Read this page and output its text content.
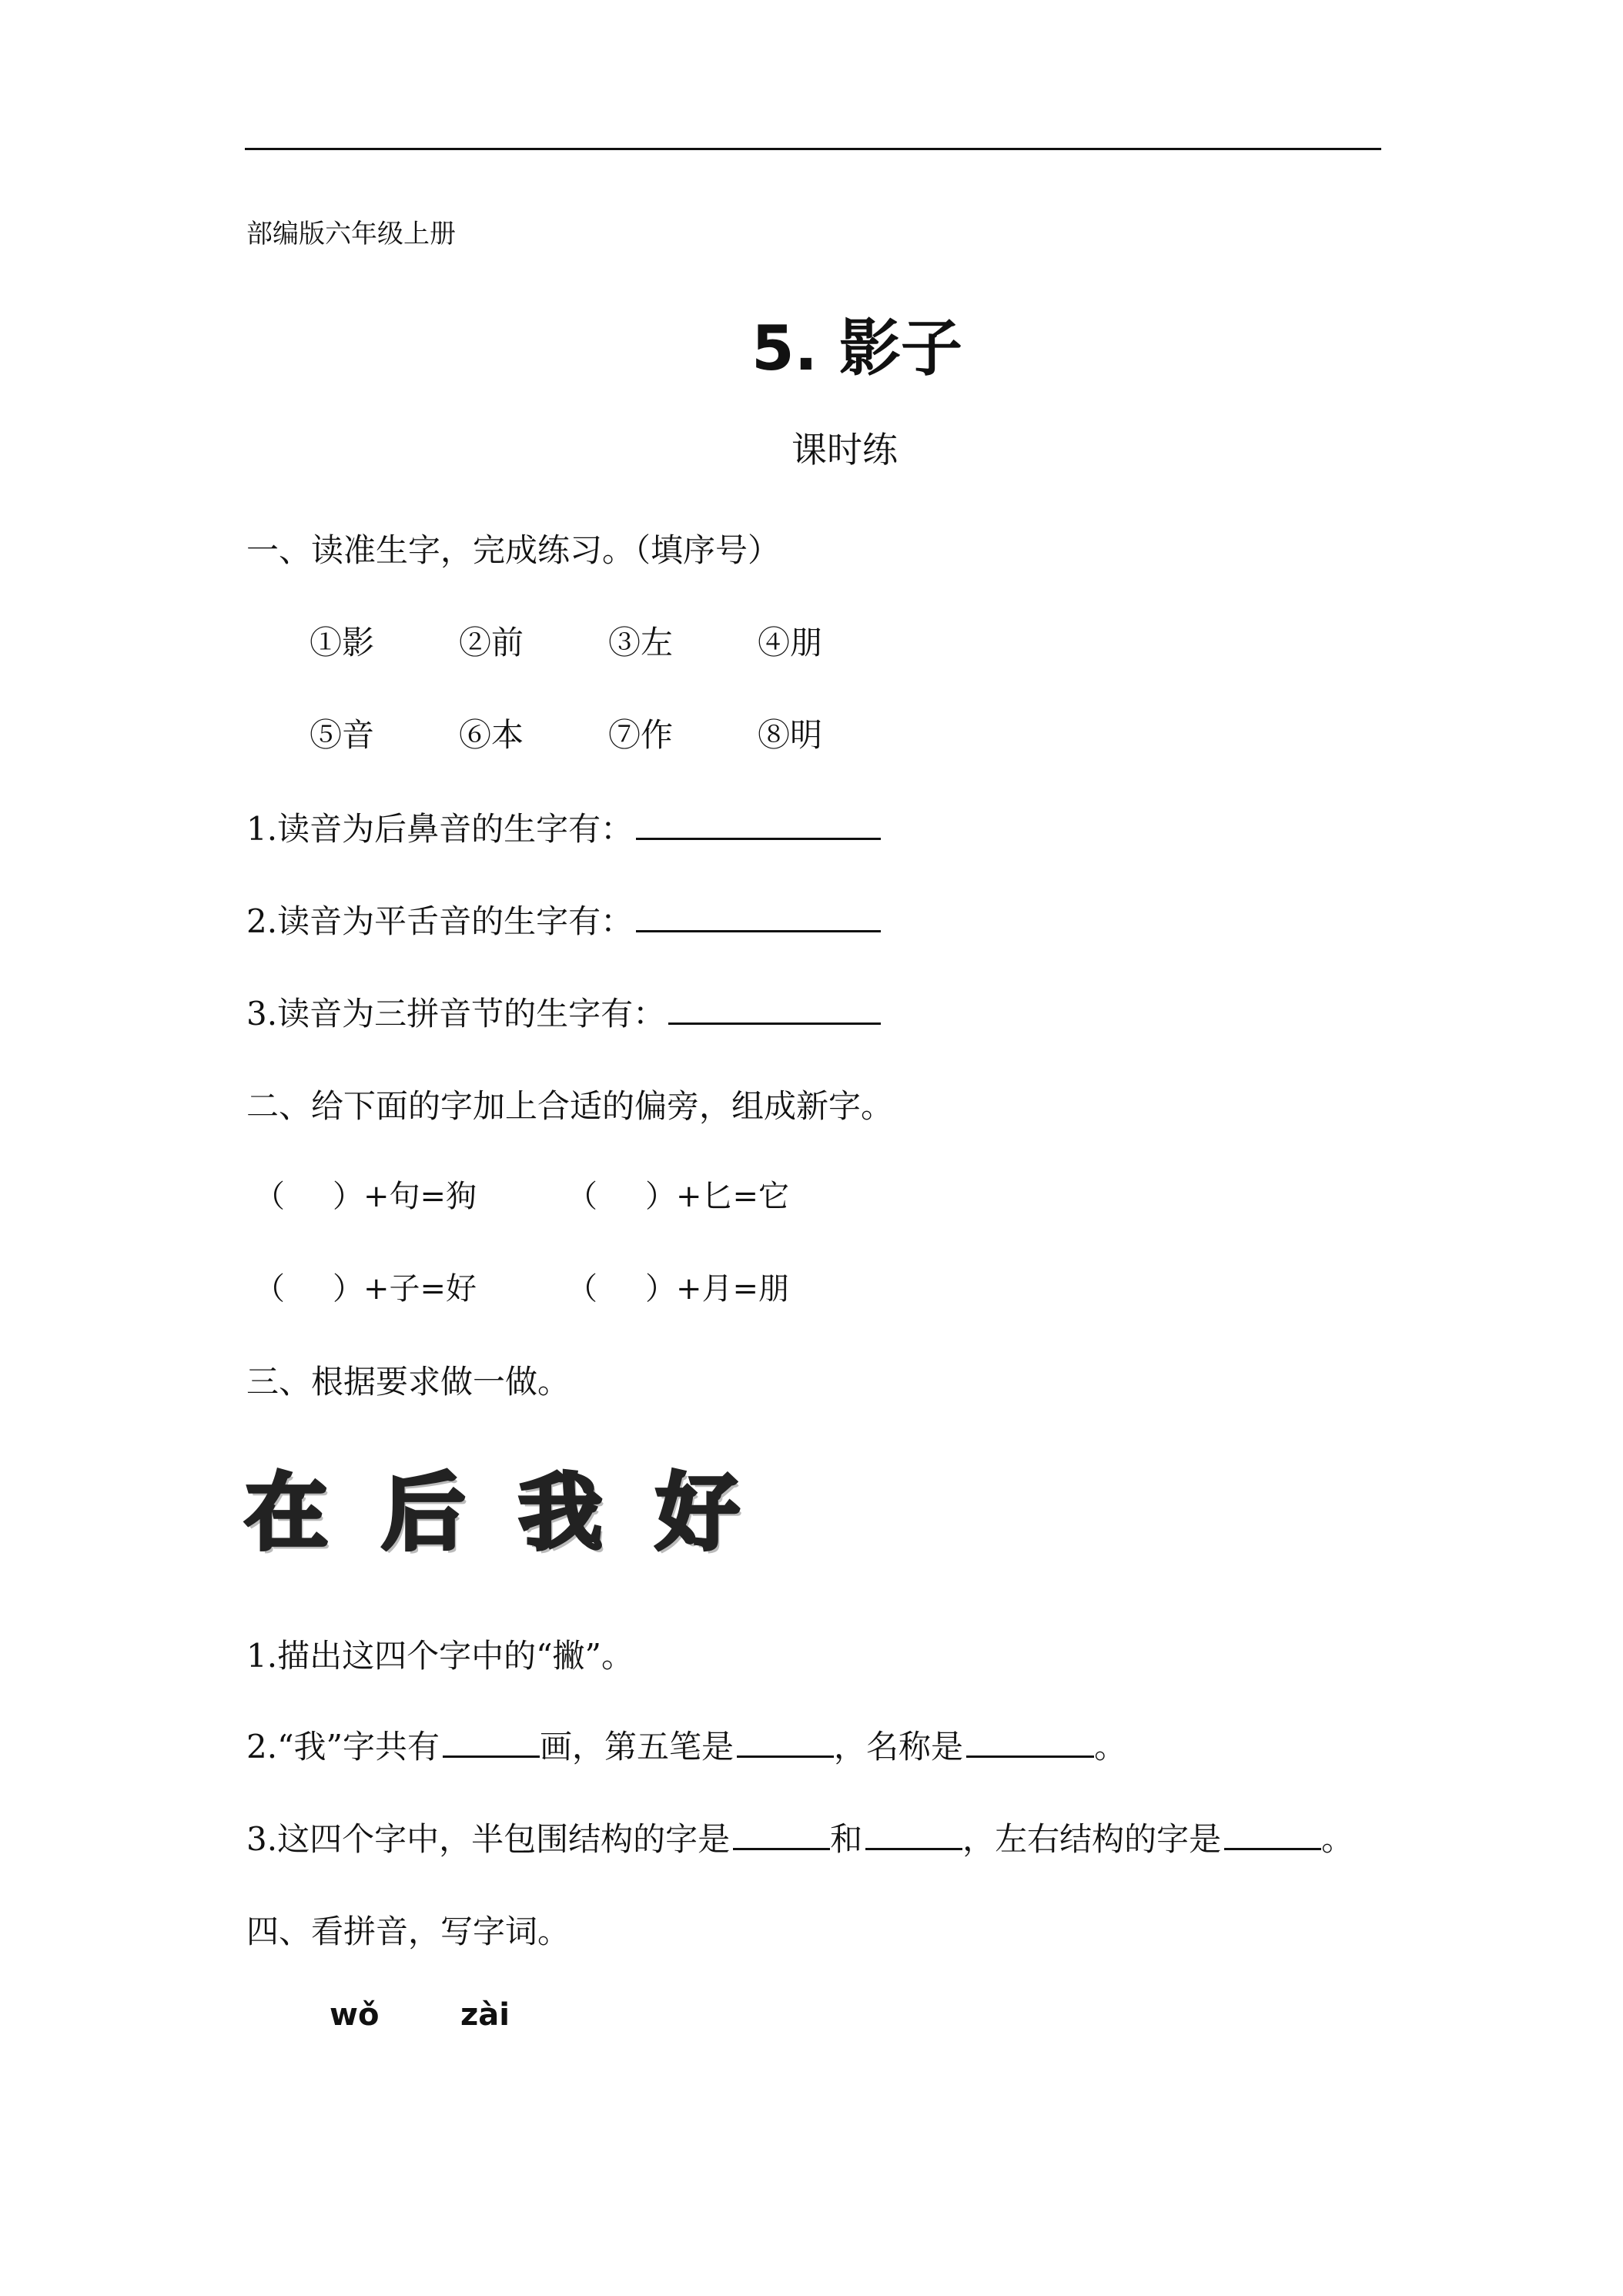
部编版六年级上册
5. 影子
课时练
一、读准生字，完成练习。（填序号）
①影	②前	③左	④朋
⑤音	⑥本	⑦作	⑧明
1.读音为后鼻音的生字有：
2.读音为平舌音的生字有：
3.读音为三拼音节的生字有：
二、给下面的字加上合适的偏旁，组成新字。
（ ）+句=狗	（ ）+匕=它
（ ）+子=好	（ ）+月=朋
三、根据要求做一做。
在 后 我 好
1.描出这四个字中的“撇”。
2.“我”字共有	画，第五笔是	，名称是	。
3.这四个字中，半包围结构的字是	和	，左右结构的字是	。
四、看拼音，写字词。
wǒ	zài
